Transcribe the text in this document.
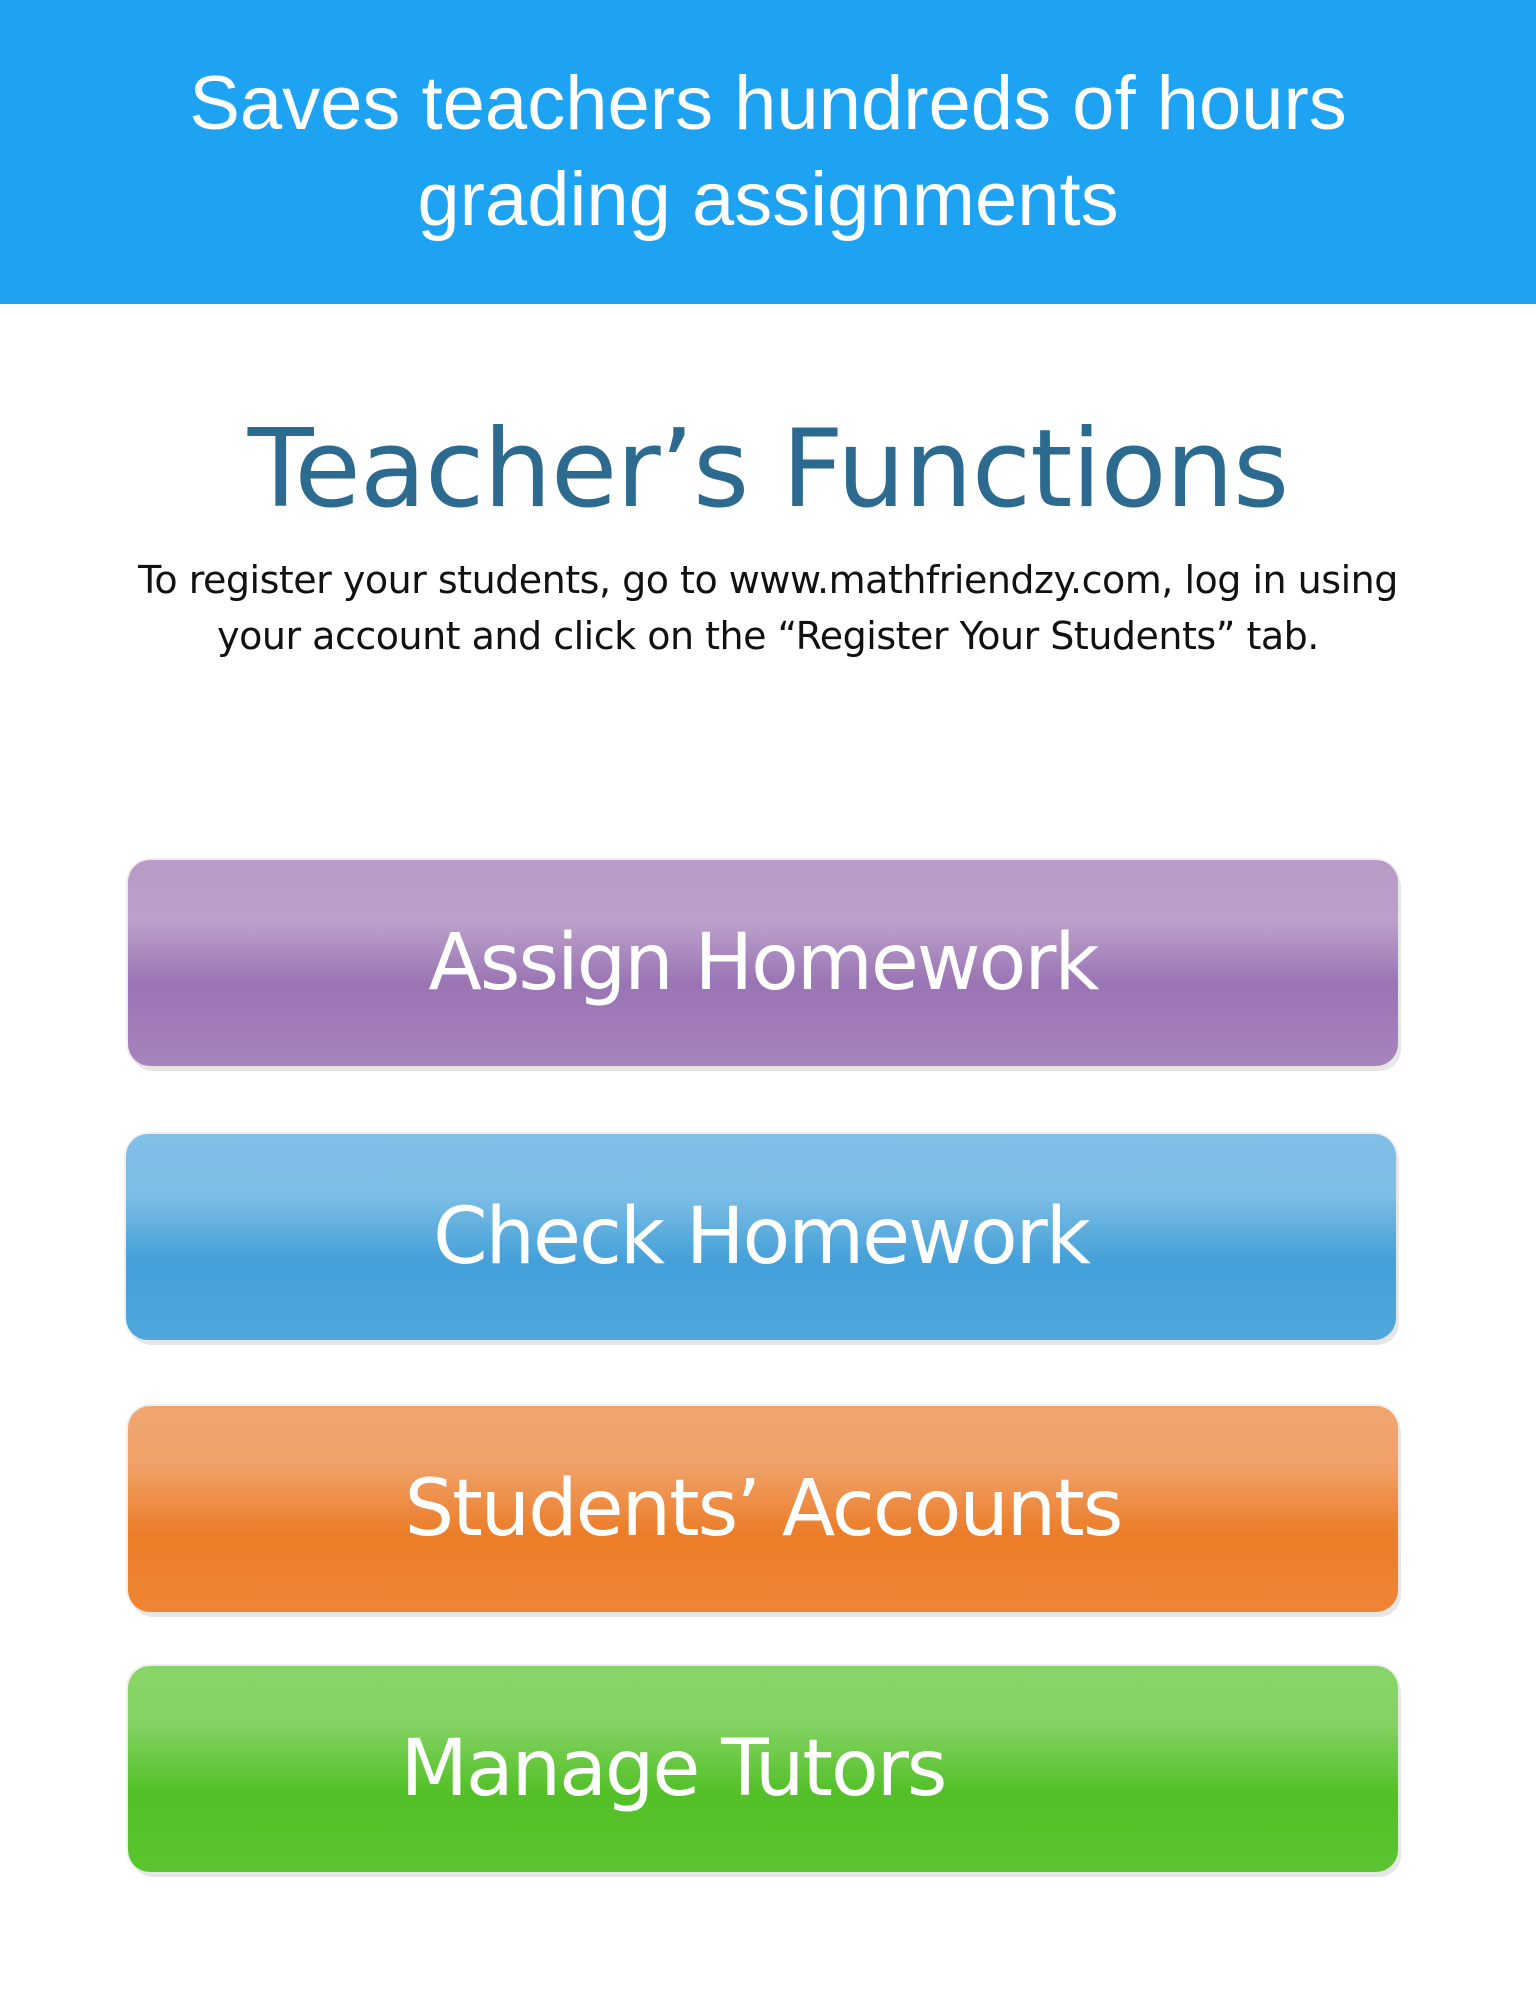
Saves teachers hundreds of hours
grading assignments

Teacher’s Functions

To register your students, go to www.mathfriendzy.com, log in using
your account and click on the “Register Your Students” tab.

Assign Homework
Check Homework
Students’ Accounts
Manage Tutors
